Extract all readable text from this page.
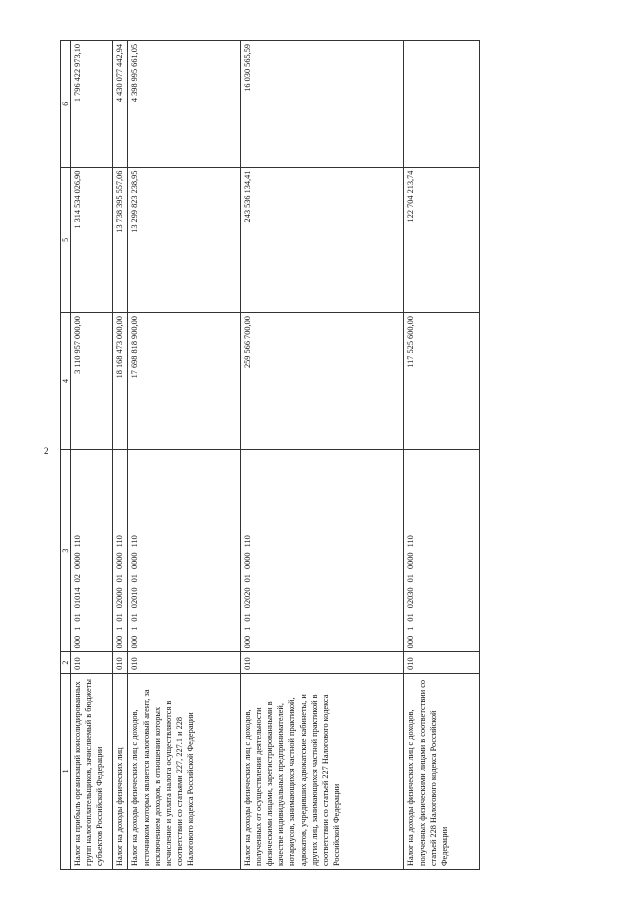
2
1	2	3	4	5	6
Налог на прибыль организаций консолидированных групп налогоплательщиков, зачисляемый в бюджеты субъектов Российской Федерации	010	000 1 01 01014 02 0000 110	3 110 957 000,00	1 314 534 026,90	1 796 422 973,10
Налог на доходы физических лиц	010	000 1 01 02000 01 0000 110	18 168 473 000,00	13 738 395 557,06	4 430 077 442,94
Налог на доходы физических лиц с доходов, источником которых является налоговый агент, за исключением доходов, в отношении которых исчисление и уплата налога осуществляются в соответствии со статьями 227, 227.1 и 228 Налогового кодекса Российской Федерации	010	000 1 01 02010 01 0000 110	17 698 818 900,00	13 299 823 238,95	4 398 995 661,05
Налог на доходы физических лиц с доходов, полученных от осуществления деятельности физическими лицами, зарегистрированными в качестве индивидуальных предпринимателей, нотариусов, занимающихся частной практикой, адвокатов, учредивших адвокатские кабинеты, и других лиц, занимающихся частной практикой в соответствии со статьей 227 Налогового кодекса Российской Федерации	010	000 1 01 02020 01 0000 110	259 566 700,00	243 536 134,41	16 030 565,59
Налог на доходы физических лиц с доходов, полученных физическими лицами в соответствии со статьей 228 Налогового кодекса Российской Федерации	010	000 1 01 02030 01 0000 110	117 525 600,00	122 704 213,74	
